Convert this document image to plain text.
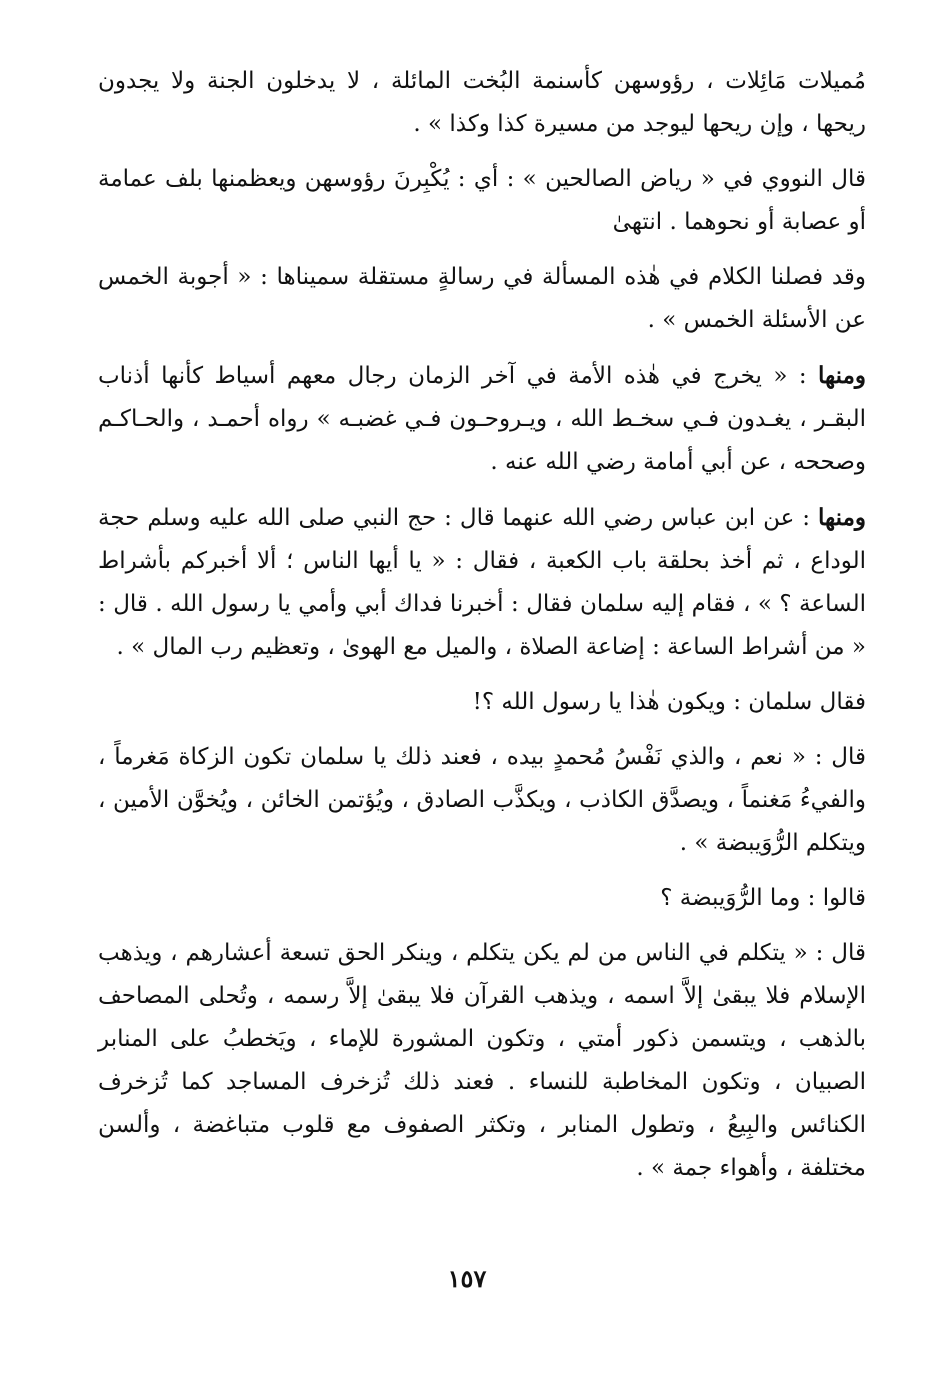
مُميلات مَائِلات ، رؤوسهن كأسنمة البُخت المائلة ، لا يدخلون الجنة ولا يجدون ريحها ، وإن ريحها ليوجد من مسيرة كذا وكذا » .

قال النووي في « رياض الصالحين » : أي : يُكْبِرنَ رؤوسهن ويعظمنها بلف عمامة أو عصابة أو نحوهما . انتهىٰ

وقد فصلنا الكلام في هٰذه المسألة في رسالةٍ مستقلة سميناها : « أجوبة الخمس عن الأسئلة الخمس » .

ومنها : « يخرج في هٰذه الأمة في آخر الزمان رجال معهم أسياط كأنها أذناب البقـر ، يغـدون فـي سخـط الله ، ويـروحـون فـي غضبـه » رواه أحمـد ، والحـاكـم وصححه ، عن أبي أمامة رضي الله عنه .

ومنها : عن ابن عباس رضي الله عنهما قال : حج النبي صلى الله عليه وسلم حجة الوداع ، ثم أخذ بحلقة باب الكعبة ، فقال : « يا أيها الناس ؛ ألا أخبركم بأشراط الساعة ؟ » ، فقام إليه سلمان فقال : أخبرنا فداك أبي وأمي يا رسول الله . قال : « من أشراط الساعة : إضاعة الصلاة ، والميل مع الهوىٰ ، وتعظيم رب المال » .

فقال سلمان : ويكون هٰذا يا رسول الله ؟!

قال : « نعم ، والذي نَفْسُ مُحمدٍ بيده ، فعند ذلك يا سلمان تكون الزكاة مَغرماً ، والفيءُ مَغنماً ، ويصدَّق الكاذب ، ويكذَّب الصادق ، ويُؤتمن الخائن ، ويُخوَّن الأمين ، ويتكلم الرُّوَيبضة » .

قالوا : وما الرُّوَيبضة ؟

قال : « يتكلم في الناس من لم يكن يتكلم ، وينكر الحق تسعة أعشارهم ، ويذهب الإسلام فلا يبقىٰ إلاَّ اسمه ، ويذهب القرآن فلا يبقىٰ إلاَّ رسمه ، وتُحلى المصاحف بالذهب ، ويتسمن ذكور أمتي ، وتكون المشورة للإماء ، ويَخطبُ على المنابر الصبيان ، وتكون المخاطبة للنساء . فعند ذلك تُزخرف المساجد كما تُزخرف الكنائس والبِيعُ ، وتطول المنابر ، وتكثر الصفوف مع قلوب متباغضة ، وألسن مختلفة ، وأهواء جمة » .

١٥٧
